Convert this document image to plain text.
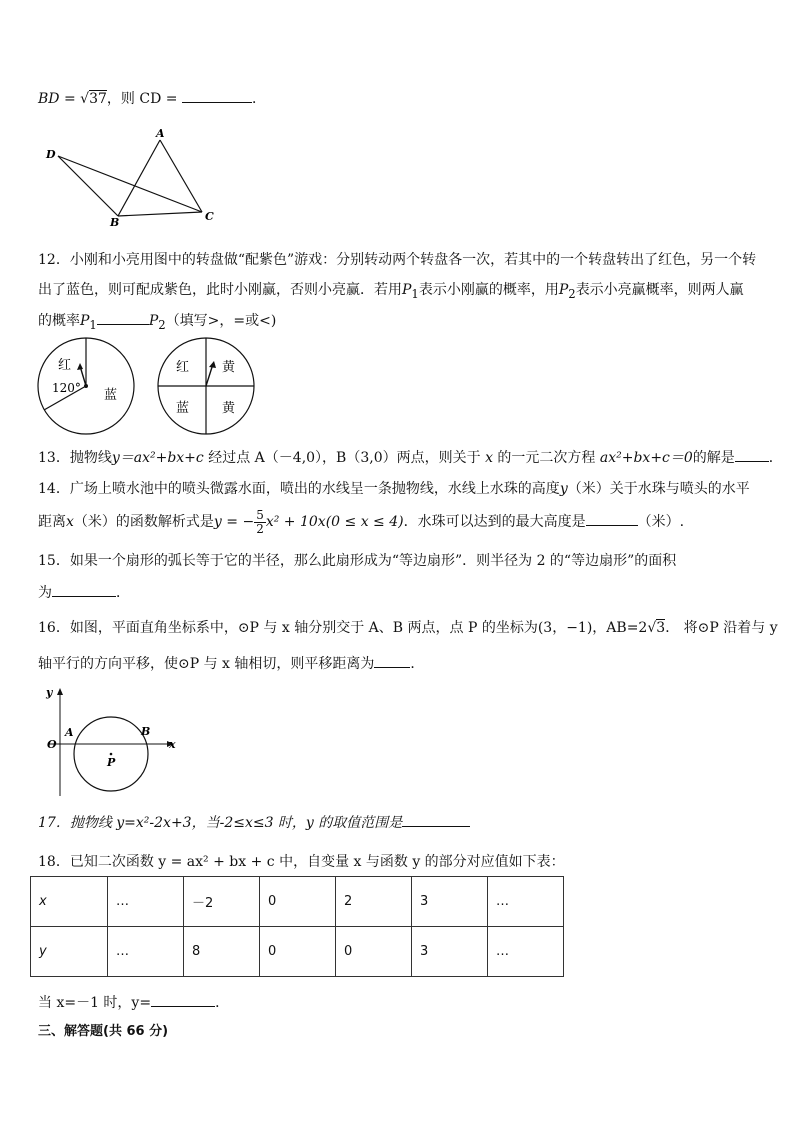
BD = √37，则 CD =	．
A
B	C
D
12．小刚和小亮用图中的转盘做“配紫色”游戏：分别转动两个转盘各一次，若其中的一个转盘转出了红色，另一个转
出了蓝色，则可配成紫色，此时小刚赢，否则小亮赢．若用$P_1$表示小刚赢的概率，用$P_2$表示小亮赢概率，则两人赢
的概率$P_1$	$P_2$（填写>，=或<)
红
120° 蓝
红	黄
蓝	黄
13．抛物线y＝ax²+bx+c 经过点 A（－4,0），B（3,0）两点，则关于 x 的一元二次方程 ax²+bx+c＝0的解是 ．
14．广场上喷水池中的喷头微露水面，喷出的水线呈一条抛物线，水线上水珠的高度y（米）关于水珠与喷头的水平
距离x（米）的函数解析式是y = − $\frac{5}{2} x^2 + 10x(0 \le x \le 4)$．水珠可以达到的最大高度是	（米）.
15．如果一个扇形的弧长等于它的半径，那么此扇形成为“等边扇形”．则半径为 2 的“等边扇形”的面积
为	．
16．如图，平面直角坐标系中，⊙P 与 x 轴分别交于 A、B 两点，点 P 的坐标为(3，−1)，AB=2√3． 将⊙P 沿着与 y
轴平行的方向平移，使⊙P 与 x 轴相切，则平移距离为	．
y
x
O
A	B
P
17．抛物线 y=x²-2x+3，当-2≤x≤3 时，y 的取值范围是
18．已知二次函数 y = ax² + bx + c 中，自变量 x 与函数 y 的部分对应值如下表：
x	…	－2	0	2	3	…
y	…	8	0	0	3	…
当 x=－1 时，y=	．
三、解答题(共 66 分)
